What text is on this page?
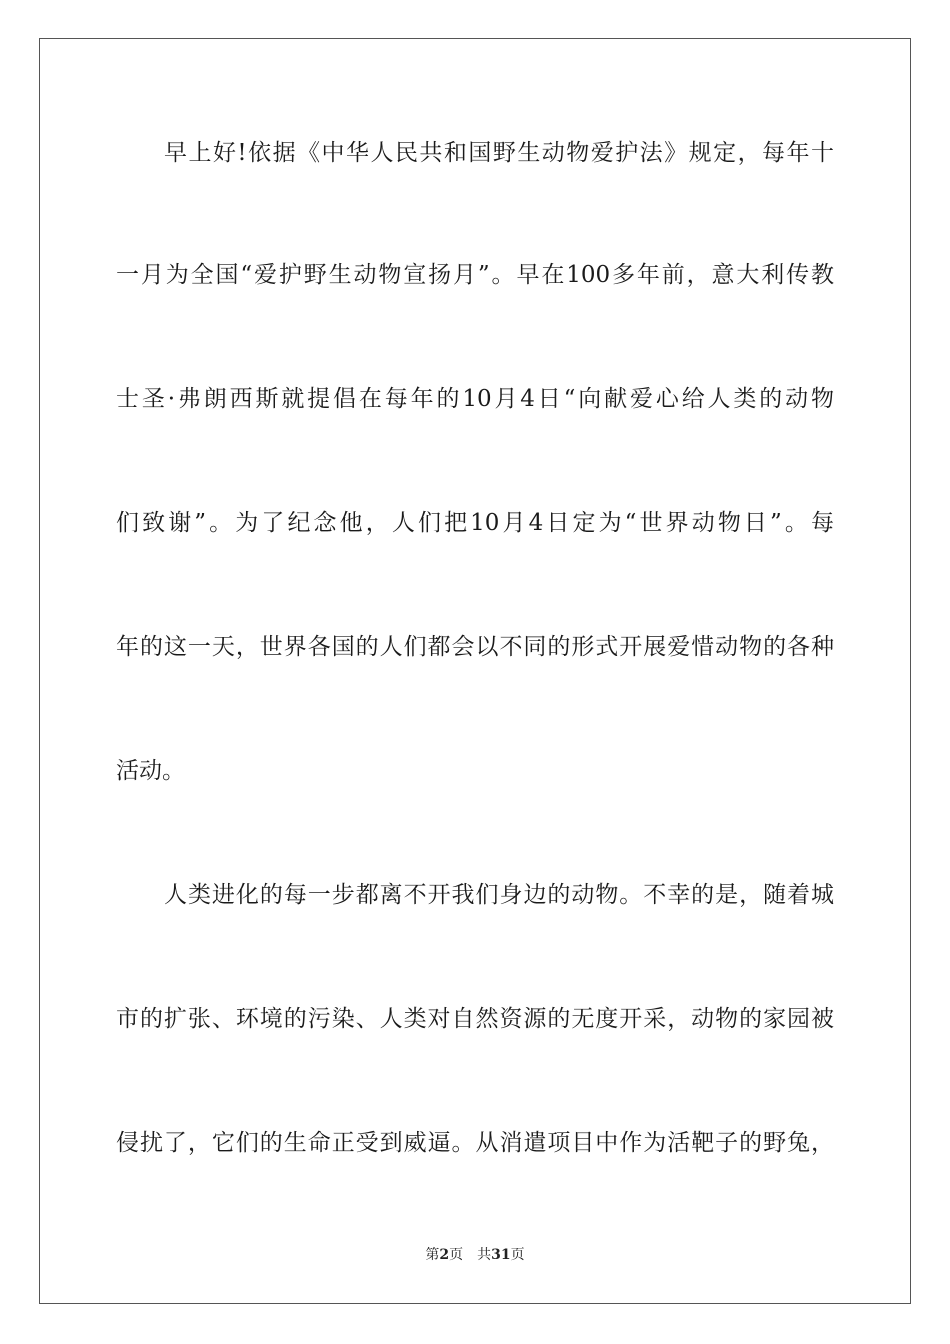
早上好!依据《中华人民共和国野生动物爱护法》规定，每年十
一月为全国“爱护野生动物宣扬月”。早在100多年前，意大利传教
士圣·弗朗西斯就提倡在每年的10月4日“向献爱心给人类的动物
们致谢”。为了纪念他，人们把10月4日定为“世界动物日”。每
年的这一天，世界各国的人们都会以不同的形式开展爱惜动物的各种
活动。
人类进化的每一步都离不开我们身边的动物。不幸的是，随着城
市的扩张、环境的污染、人类对自然资源的无度开采，动物的家园被
侵扰了，它们的生命正受到威逼。从消遣项目中作为活靶子的野兔，
第2页 共31页
